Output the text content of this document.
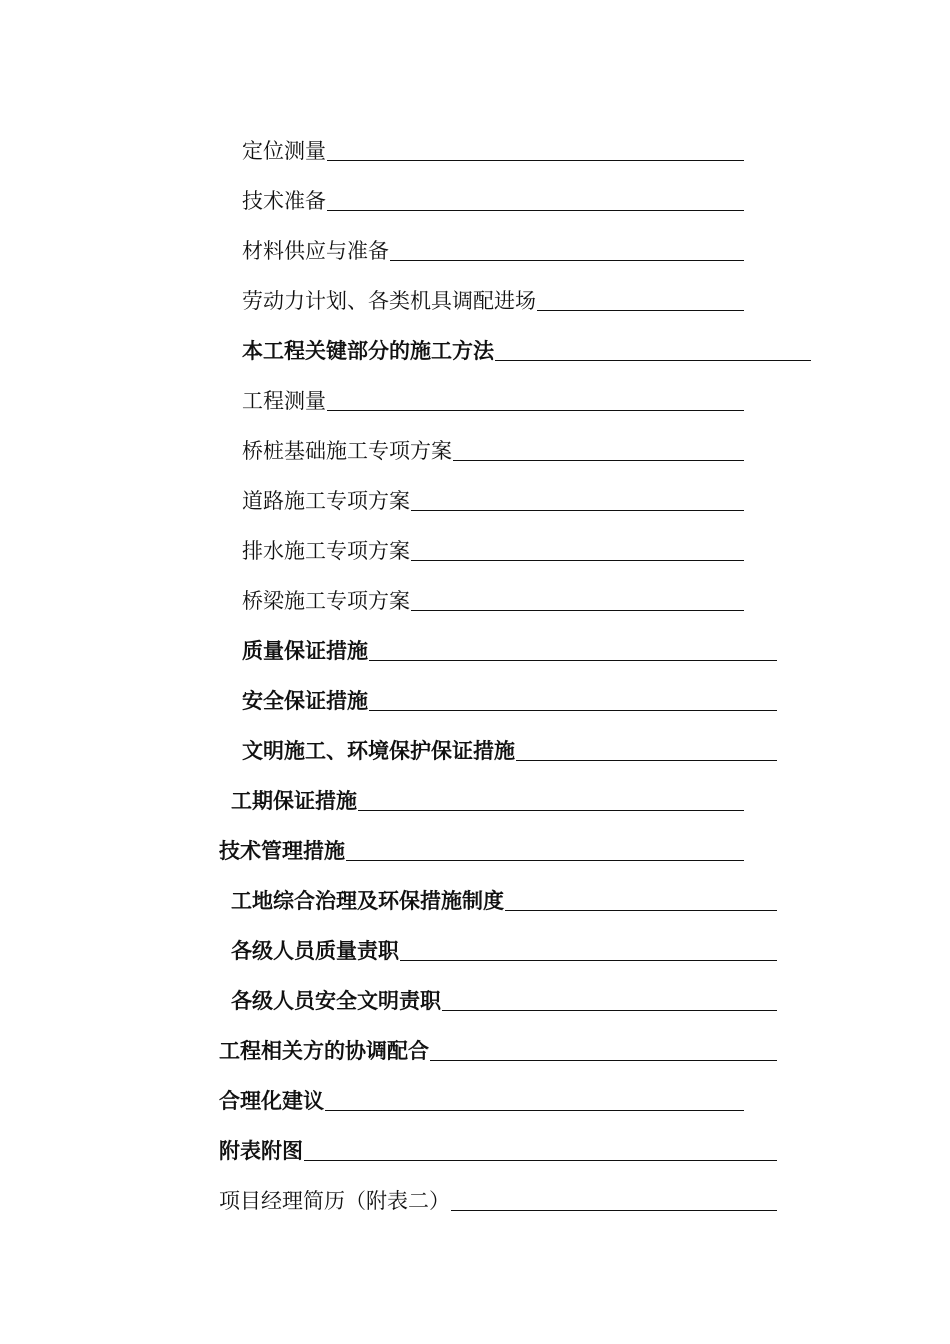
定位测量
技术准备
材料供应与准备
劳动力计划、各类机具调配进场
本工程关键部分的施工方法
工程测量
桥桩基础施工专项方案
道路施工专项方案
排水施工专项方案
桥梁施工专项方案
质量保证措施
安全保证措施
文明施工、环境保护保证措施
工期保证措施
技术管理措施
工地综合治理及环保措施制度
各级人员质量责职
各级人员安全文明责职
工程相关方的协调配合
合理化建议
附表附图
项目经理简历（附表二）
